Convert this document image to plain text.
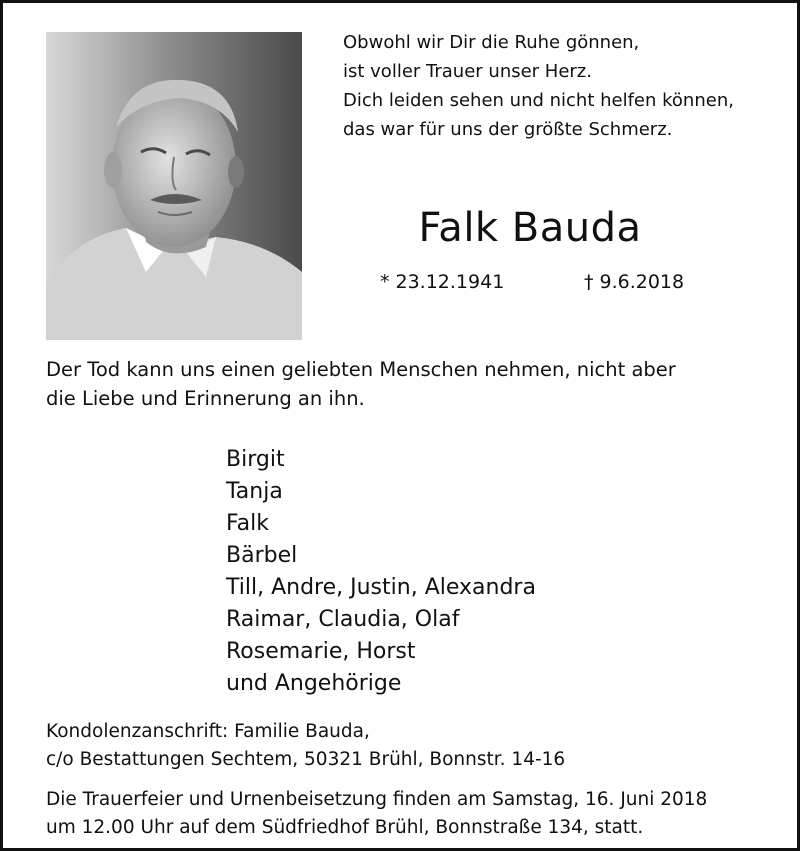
Obwohl wir Dir die Ruhe gönnen,
ist voller Trauer unser Herz.
Dich leiden sehen und nicht helfen können,
das war für uns der größte Schmerz.
Falk Bauda
* 23.12.1941	† 9.6.2018
Der Tod kann uns einen geliebten Menschen nehmen, nicht aber
die Liebe und Erinnerung an ihn.
Birgit
Tanja
Falk
Bärbel
Till, Andre, Justin, Alexandra
Raimar, Claudia, Olaf
Rosemarie, Horst
und Angehörige
Kondolenzanschrift: Familie Bauda,
c/o Bestattungen Sechtem, 50321 Brühl, Bonnstr. 14-16
Die Trauerfeier und Urnenbeisetzung finden am Samstag, 16. Juni 2018
um 12.00 Uhr auf dem Südfriedhof Brühl, Bonnstraße 134, statt.
